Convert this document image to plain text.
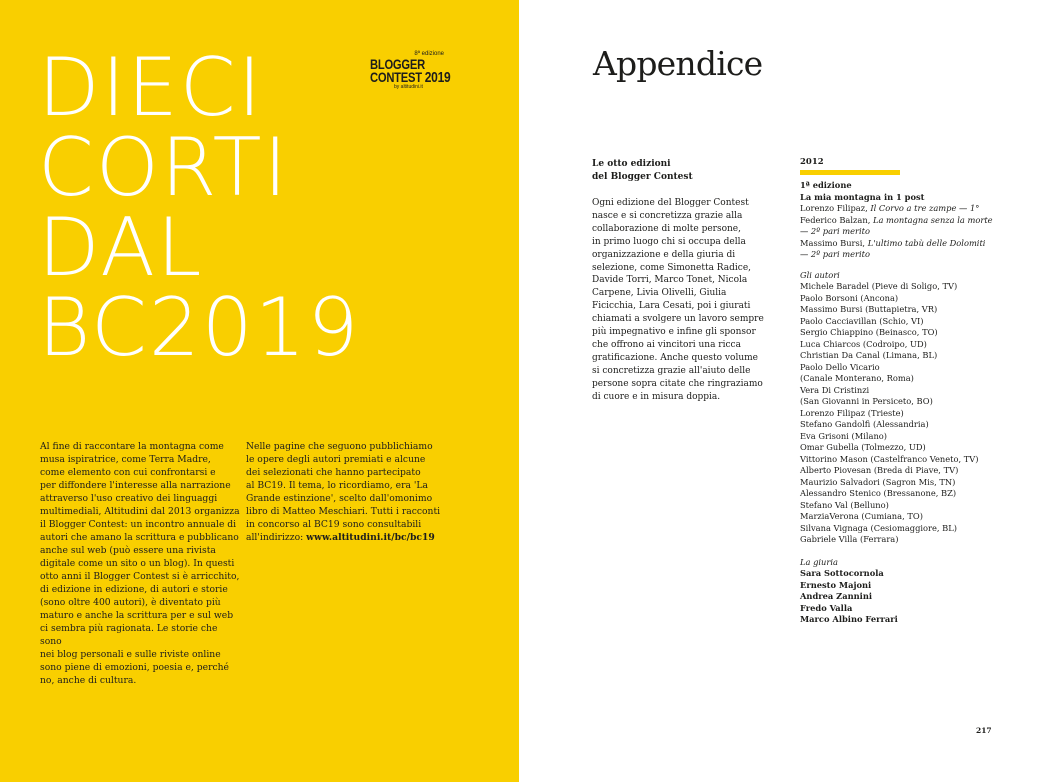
DIECI
CORTI
DAL
BC2019
8ª edizione
BLOGGER
CONTEST 2019
by altitudini.it

Al fine di raccontare la montagna come

musa ispiratrice, come Terra Madre,

come elemento con cui confrontarsi e

per diffondere l'interesse alla narrazione

attraverso l'uso creativo dei linguaggi

multimediali, Altitudini dal 2013 organizza

il Blogger Contest: un incontro annuale di

autori che amano la scrittura e pubblicano

anche sul web (può essere una rivista

digitale come un sito o un blog). In questi

otto anni il Blogger Contest si è arricchito,

di edizione in edizione, di autori e storie

(sono oltre 400 autori), è diventato più

maturo e anche la scrittura per e sul web

ci sembra più ragionata. Le storie che sono

nei blog personali e sulle riviste online

sono piene di emozioni, poesia e, perché

no, anche di cultura.

Nelle pagine che seguono pubblichiamo

le opere degli autori premiati e alcune

dei selezionati che hanno partecipato

al BC19. Il tema, lo ricordiamo, era 'La

Grande estinzione', scelto dall'omonimo

libro di Matteo Meschiari. Tutti i racconti

in concorso al BC19 sono consultabili

all'indirizzo: www.altitudini.it/bc/bc19

Appendice
Le otto edizioni
del Blogger Contest
Ogni edizione del Blogger Contest
nasce e si concretizza grazie alla
collaborazione di molte persone,
in primo luogo chi si occupa della
organizzazione e della giuria di
selezione, come Simonetta Radice,
Davide Torri, Marco Tonet, Nicola
Carpene, Livia Olivelli, Giulia
Ficicchia, Lara Cesati, poi i giurati
chiamati a svolgere un lavoro sempre
più impegnativo e infine gli sponsor
che offrono ai vincitori una ricca
gratificazione. Anche questo volume
si concretizza grazie all'aiuto delle
persone sopra citate che ringraziamo
di cuore e in misura doppia.
2012
1ª edizione
La mia montagna in 1 post
Lorenzo Filipaz, Il Corvo a tre zampe — 1°
Federico Balzan, La montagna senza la morte
— 2º pari merito
Massimo Bursi, L'ultimo tabù delle Dolomiti
— 2º pari merito
Gli autori
Michele Baradel (Pieve di Soligo, TV)
Paolo Borsoni (Ancona)
Massimo Bursi (Buttapietra, VR)
Paolo Cacciavillan (Schio, VI)
Sergio Chiappino (Beinasco, TO)
Luca Chiarcos (Codroipo, UD)
Christian Da Canal (Limana, BL)
Paolo Dello Vicario
(Canale Monterano, Roma)
Vera Di Cristinzi
(San Giovanni in Persiceto, BO)
Lorenzo Filipaz (Trieste)
Stefano Gandolfi (Alessandria)
Eva Grisoni (Milano)
Omar Gubella (Tolmezzo, UD)
Vittorino Mason (Castelfranco Veneto, TV)
Alberto Piovesan (Breda di Piave, TV)
Maurizio Salvadori (Sagron Mis, TN)
Alessandro Stenico (Bressanone, BZ)
Stefano Val (Belluno)
MarziaVerona (Cumiana, TO)
Silvana Vignaga (Cesiomaggiore, BL)
Gabriele Villa (Ferrara)
La giuria
Sara Sottocornola
Ernesto Majoni
Andrea Zannini
Fredo Valla
Marco Albino Ferrari
217
